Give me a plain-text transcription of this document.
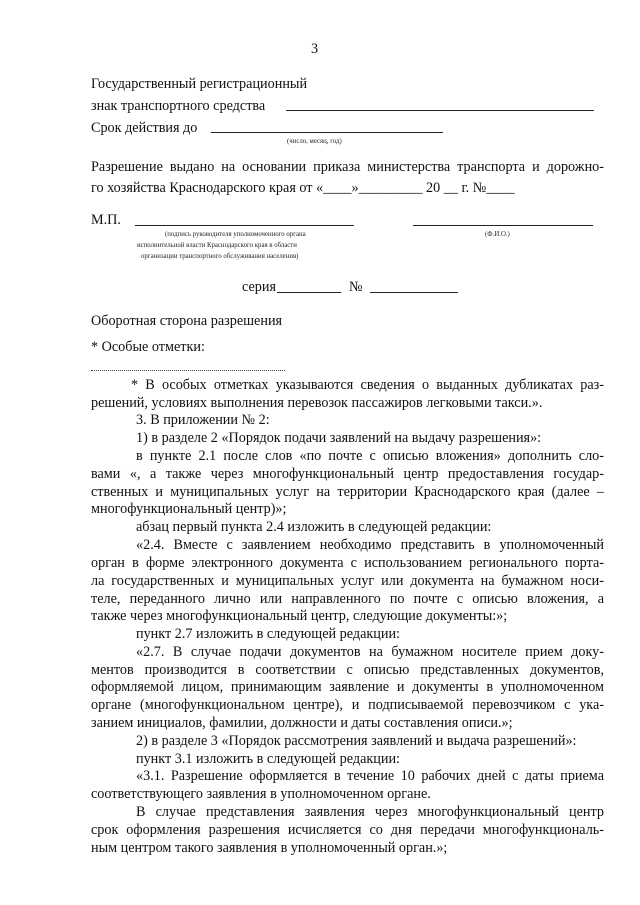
3
Государственный регистрационный
знак транспортного средства
Срок действия до
(число, месяц, год)
Разрешение выдано на основании приказа министерства транспорта и дорожно-
го хозяйства Краснодарского края от «____»_________ 20 __ г. №____
М.П.
(подпись руководителя уполномоченного органа
исполнительной власти Краснодарского края в области
организации транспортного обслуживания населения)
(Ф.И.О.)
серия	№
Оборотная сторона разрешения
* Особые отметки:
* В особых отметках указываются сведения о выданных дубликатах раз-
решений, условиях выполнения перевозок пассажиров легковыми такси.».
3. В приложении № 2:
1) в разделе 2 «Порядок подачи заявлений на выдачу разрешения»:
в пункте 2.1 после слов «по почте с описью вложения» дополнить сло-
вами «, а также через многофункциональный центр предоставления государ-
ственных и муниципальных услуг на территории Краснодарского края (далее –
многофункциональный центр)»;
абзац первый пункта 2.4 изложить в следующей редакции:
«2.4. Вместе с заявлением необходимо представить в уполномоченный
орган в форме электронного документа с использованием регионального порта-
ла государственных и муниципальных услуг или документа на бумажном носи-
теле, переданного лично или направленного по почте с описью вложения, а
также через многофункциональный центр, следующие документы:»;
пункт 2.7 изложить в следующей редакции:
«2.7. В случае подачи документов на бумажном носителе прием доку-
ментов производится в соответствии с описью представленных документов,
оформляемой лицом, принимающим заявление и документы в уполномоченном
органе (многофункциональном центре), и подписываемой перевозчиком с ука-
занием инициалов, фамилии, должности и даты составления описи.»;
2) в разделе 3 «Порядок рассмотрения заявлений и выдача разрешений»:
пункт 3.1 изложить в следующей редакции:
«3.1. Разрешение оформляется в течение 10 рабочих дней с даты приема
соответствующего заявления в уполномоченном органе.
В случае представления заявления через многофункциональный центр
срок оформления разрешения исчисляется со дня передачи многофункциональ-
ным центром такого заявления в уполномоченный орган.»;
